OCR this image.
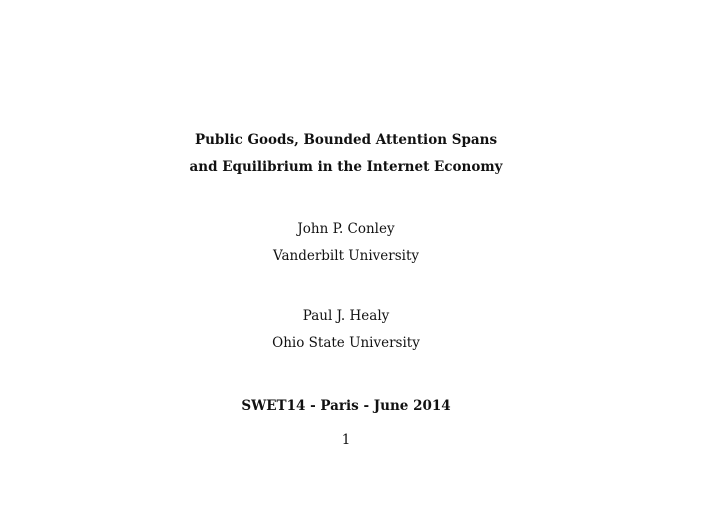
Public Goods, Bounded Attention Spans
and Equilibrium in the Internet Economy
John P. Conley
Vanderbilt University
Paul J. Healy
Ohio State University
SWET14 - Paris - June 2014
1
